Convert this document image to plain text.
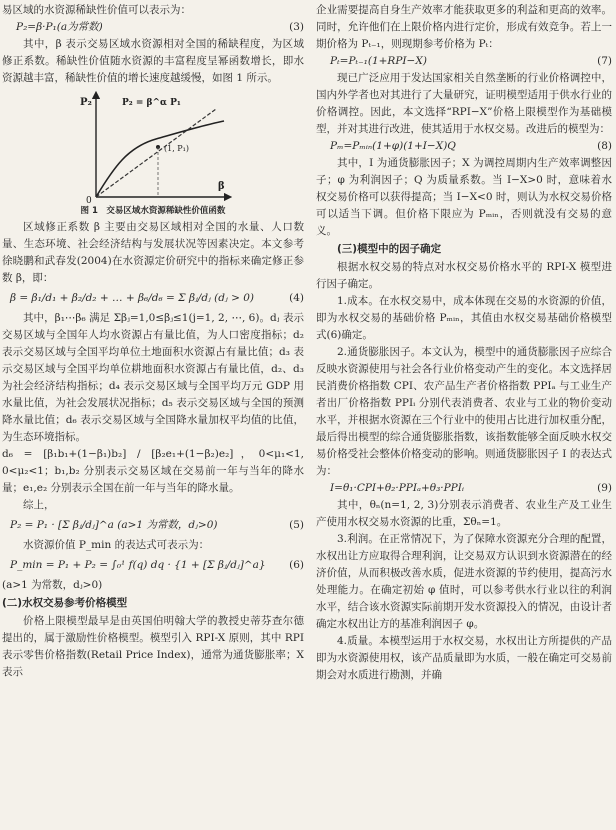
易区域的水资源稀缺性价值可以表示为：

P₂=β·P₁(a为常数)	(3)

其中，β 表示交易区域水资源相对全国的稀缺程度，为区域修正系数。稀缺性价值随水资源的丰富程度呈幂函数增长，即水资源越丰富，稀缺性价值的增长速度越缓慢，如图 1 所示。

P₂
β
0
P₂ = β^α P₁
(1, P₁)

图 1　交易区域水资源稀缺性价值函数

区域修正系数 β 主要由交易区域相对全国的水量、人口数量、生态环境、社会经济结构与发展状况等因素决定。本文参考徐晓鹏和武春发(2004)在水资源定价研究中的指标来确定修正参数 β，即：

β = β₁/d₁ + β₂/d₂ + … + β₆/d₆ = Σ βⱼ/dⱼ (dⱼ > 0)	(4)

其中，β₁⋯β₆ 满足 Σβⱼ=1,0≤βⱼ≤1(j=1, 2, ⋯, 6)。dⱼ 表示交易区域与全国年人均水资源占有量比值，为人口密度指标；d₂ 表示交易区域与全国平均单位土地面积水资源占有量比值；d₃ 表示交易区域与全国平均单位耕地面积水资源占有量比值，d₂、d₃ 为社会经济结构指标；d₄ 表示交易区域与全国平均万元 GDP 用水量比值，为社会发展状况指标；d₅ 表示交易区域与全国的预测降水量比值；d₆ 表示交易区域与全国降水量加权平均值的比值，为生态环境指标。

d₆ = [β₁b₁+(1−β₁)b₂] / [β₂e₁+(1−β₂)e₂]，0<μ₁<1, 0<μ₂<1；b₁,b₂ 分别表示交易区域在交易前一年与当年的降水量；e₁,e₂ 分别表示全国在前一年与当年的降水量。

综上，

P₂ = P₁ · [Σ βⱼ/dⱼ]^a (a>1 为常数，dⱼ>0)	(5)

水资源价值 P_min 的表达式可表示为：

P_min = P₁ + P₂ = ∫₀¹ f(q) dq · {1 + [Σ βⱼ/dⱼ]^a} (6)

(a>1 为常数，dⱼ>0)

(二)水权交易参考价格模型

价格上限模型最早是由英国伯明翰大学的教授史蒂芬查尔德提出的，属于激励性价格模型。模型引入 RPI-X 原则，其中 RPI 表示零售价格指数(Retail Price Index)，通常为通货膨胀率；X 表示

企业需要提高自身生产效率才能获取更多的利益和更高的效率。同时，允许他们在上限价格内进行定价，形成有效竞争。若上一期价格为 Pₜ₋₁，则现期参考价格为 Pₜ：

Pₜ=Pₜ₋₁(1+RPI−X)	(7)

现已广泛应用于发达国家相关自然垄断的行业价格调控中，国内外学者也对其进行了大量研究，证明模型适用于供水行业的价格调控。因此，本文选择“RPI−X”价格上限模型作为基础模型，并对其进行改进，使其适用于水权交易。改进后的模型为：

Pₘ=Pₘᵢₙ(1+φ)(1+I−X)Q	(8)

其中，I 为通货膨胀因子；X 为调控周期内生产效率调整因子；φ 为利润因子；Q 为质量系数。当 I−X>0 时，意味着水权交易价格可以获得提高；当 I−X<0 时，则认为水权交易价格可以适当下调。但价格下限应为 Pₘᵢₙ，否则就没有交易的意义。

(三)模型中的因子确定

根据水权交易的特点对水权交易价格水平的 RPI-X 模型进行因子确定。

1.成本。在水权交易中，成本体现在交易的水资源的价值，即为水权交易的基础价格 Pₘᵢₙ，其值由水权交易基础价格模型式(6)确定。

2.通货膨胀因子。本文认为，模型中的通货膨胀因子应综合反映水资源使用与社会各行业价格变动产生的变化。本文选择居民消费价格指数 CPI、农产品生产者价格指数 PPIₐ 与工业生产者出厂价格指数 PPIᵢ 分别代表消费者、农业与工业的物价变动水平，并根据水资源在三个行业中的使用占比进行加权重分配，最后得出模型的综合通货膨胀指数，该指数能够全面反映水权交易价格受社会整体价格变动的影响。则通货膨胀因子 I 的表达式为：

I=θ₁·CPI+θ₂·PPIₐ+θ₃·PPIᵢ	(9)

其中，θₙ(n=1, 2, 3)分别表示消费者、农业生产及工业生产使用水权交易水资源的比重，Σθₙ=1。

3.利润。在正常情况下，为了保障水资源充分合理的配置，水权出让方应取得合理利润，让交易双方认识到水资源潜在的经济价值，从而积极改善水质，促进水资源的节约使用，提高污水处理能力。在确定初始 φ 值时，可以参考供水行业以往的利润水平，结合该水资源实际前期开发水资源投入的情况，由设计者确定水权出让方的基准利润因子 φ。

4.质量。本模型运用于水权交易，水权出让方所提供的产品即为水资源使用权，该产品质量即为水质，一般在确定可交易前期会对水质进行勘测，并确
